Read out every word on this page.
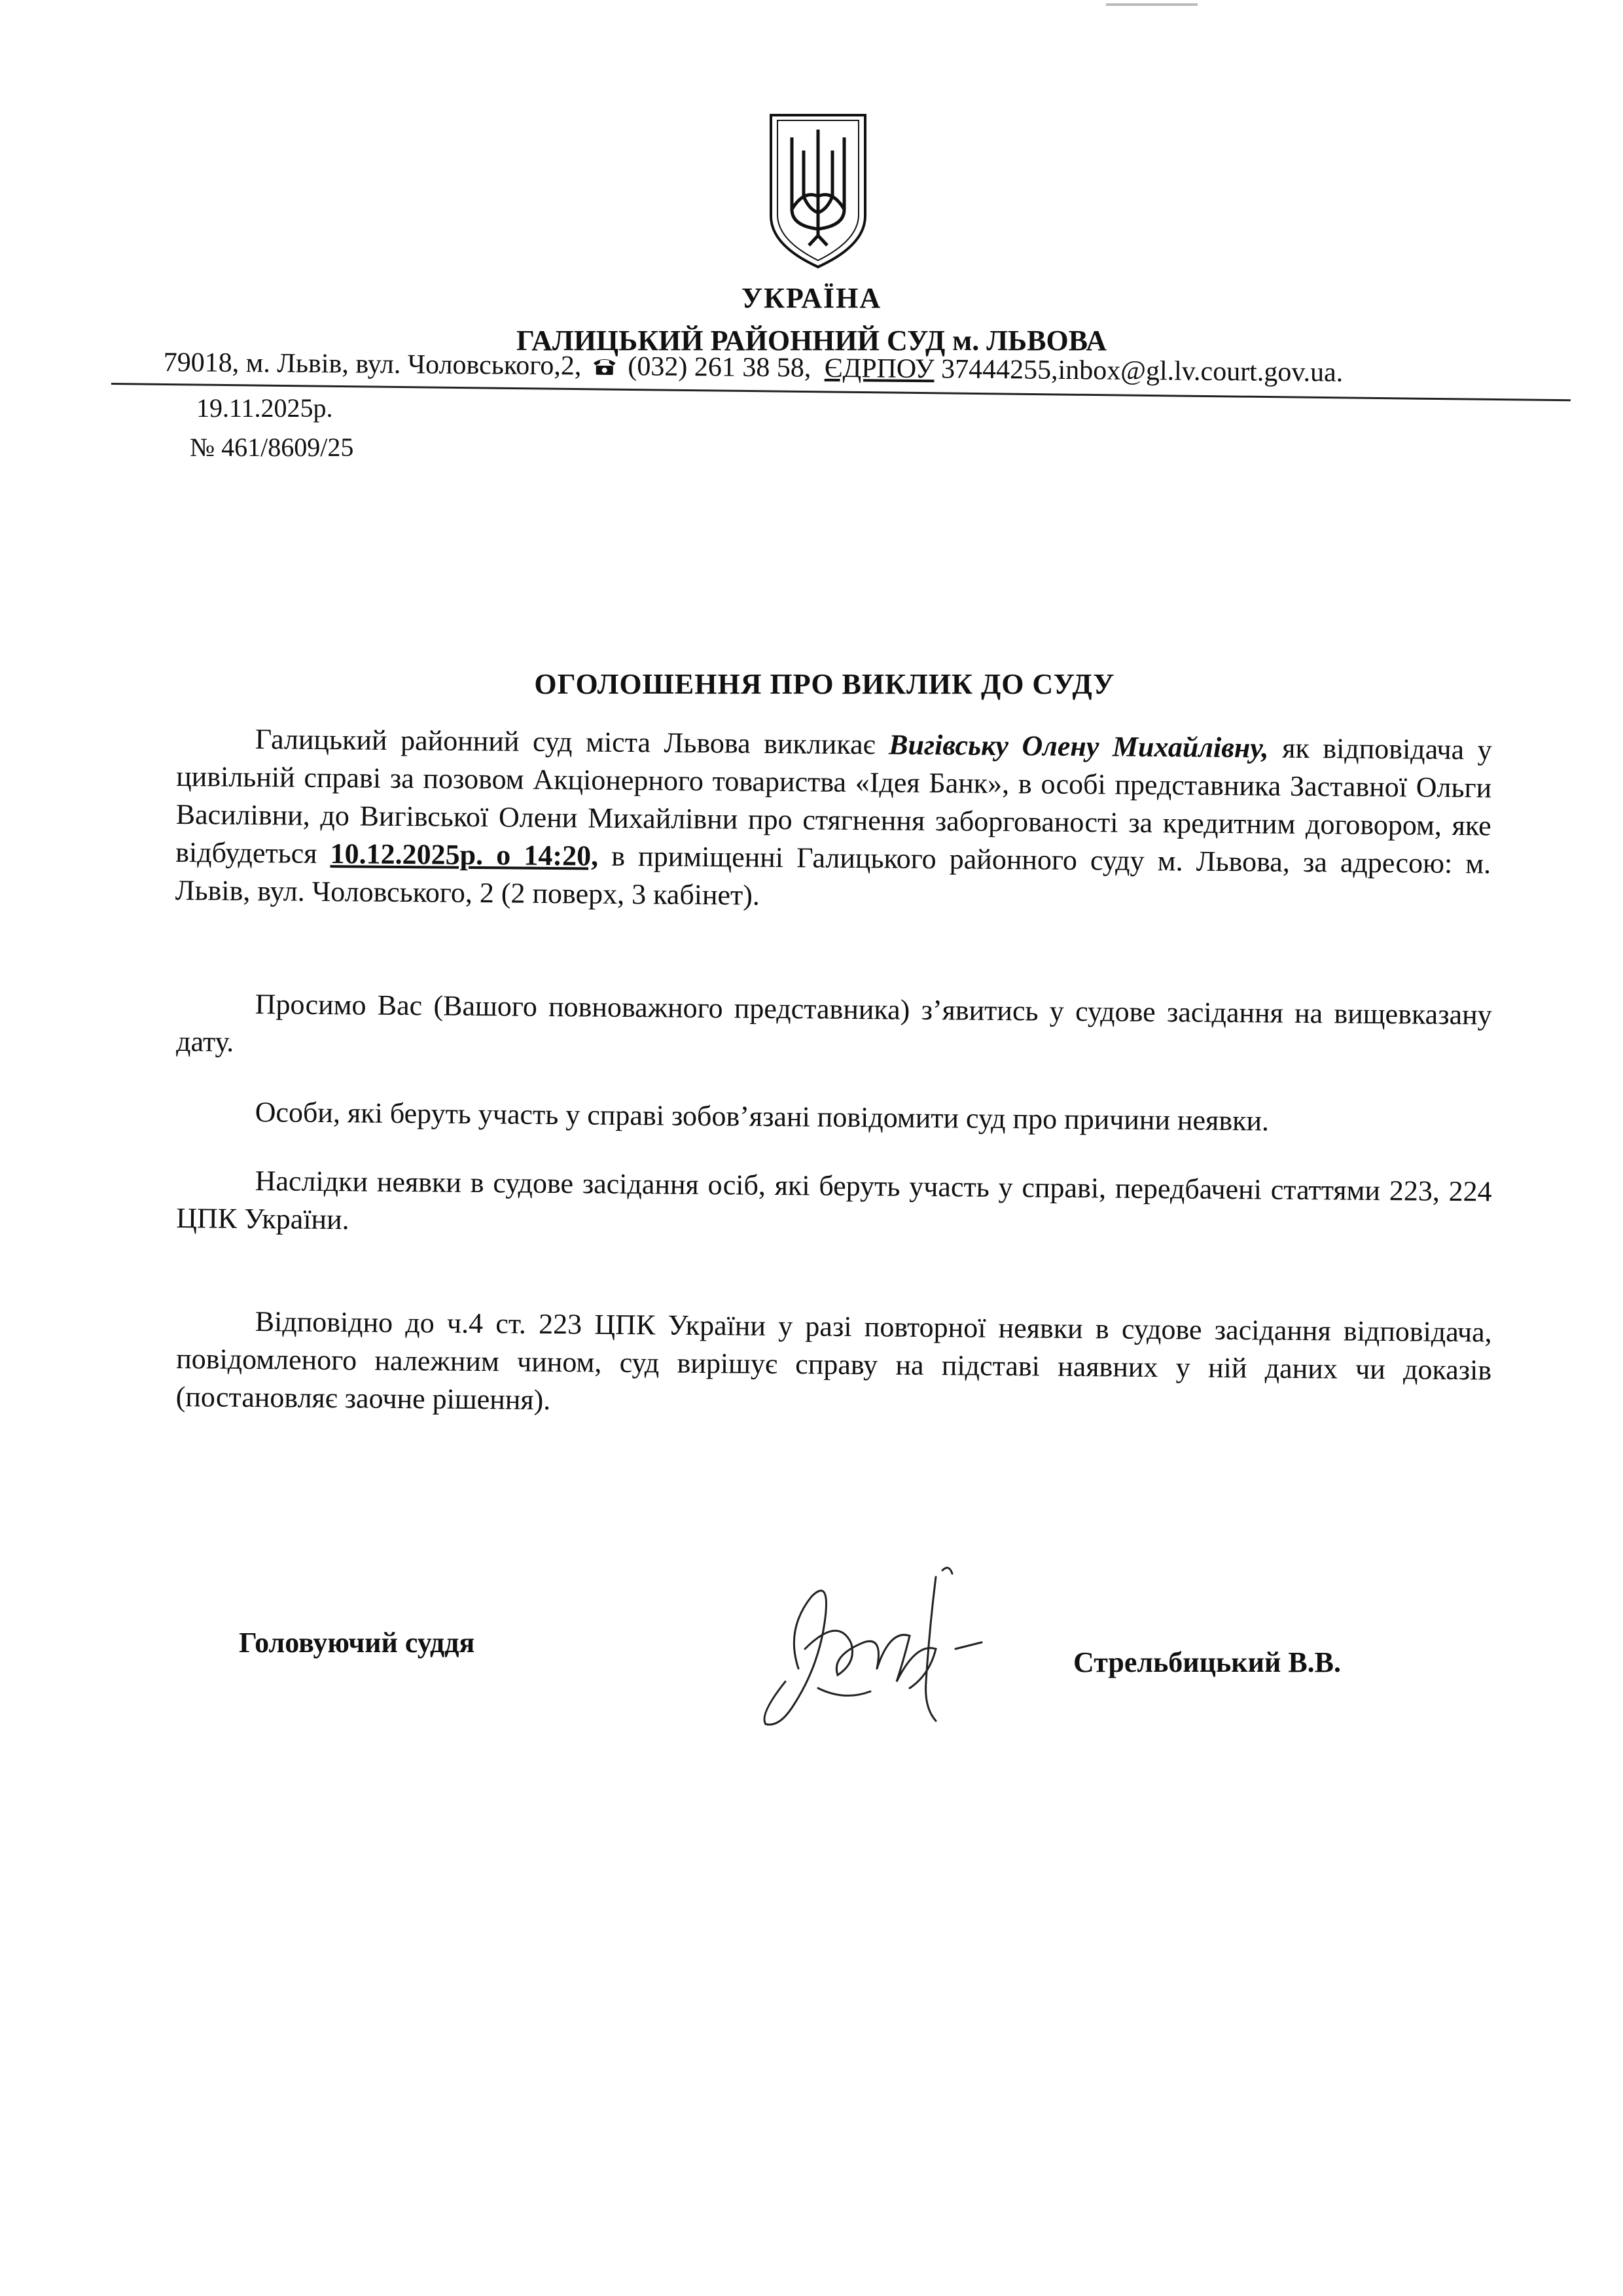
УКРАЇНА
ГАЛИЦЬКИЙ РАЙОННИЙ СУД м. ЛЬВОВА
79018, м. Львів, вул. Чоловського,2, (032) 261 38 58, ЄДРПОУ 37444255,inbox@gl.lv.court.gov.ua.
19.11.2025р.
№ 461/8609/25
ОГОЛОШЕННЯ ПРО ВИКЛИК ДО СУДУ
Галицький районний суд міста Львова викликає Вигівську Олену Михайлівну, як відповідача у цивільній справі за позовом Акціонерного товариства «Ідея Банк», в особі представника Заставної Ольги Василівни, до Вигівської Олени Михайлівни про стягнення заборгованості за кредитним договором, яке відбудеться 10.12.2025р. о 14:20, в приміщенні Галицького районного суду м. Львова, за адресою: м. Львів, вул. Чоловського, 2 (2 поверх, 3 кабінет).
Просимо Вас (Вашого повноважного представника) з’явитись у судове засідання на вищевказану дату.
Особи, які беруть участь у справі зобов’язані повідомити суд про причини неявки.
Наслідки неявки в судове засідання осіб, які беруть участь у справі, передбачені статтями 223, 224 ЦПК України.
Відповідно до ч.4 ст. 223 ЦПК України у разі повторної неявки в судове засідання відповідача, повідомленого належним чином, суд вирішує справу на підставі наявних у ній даних чи доказів (постановляє заочне рішення).
Головуючий суддя
Стрельбицький В.В.
